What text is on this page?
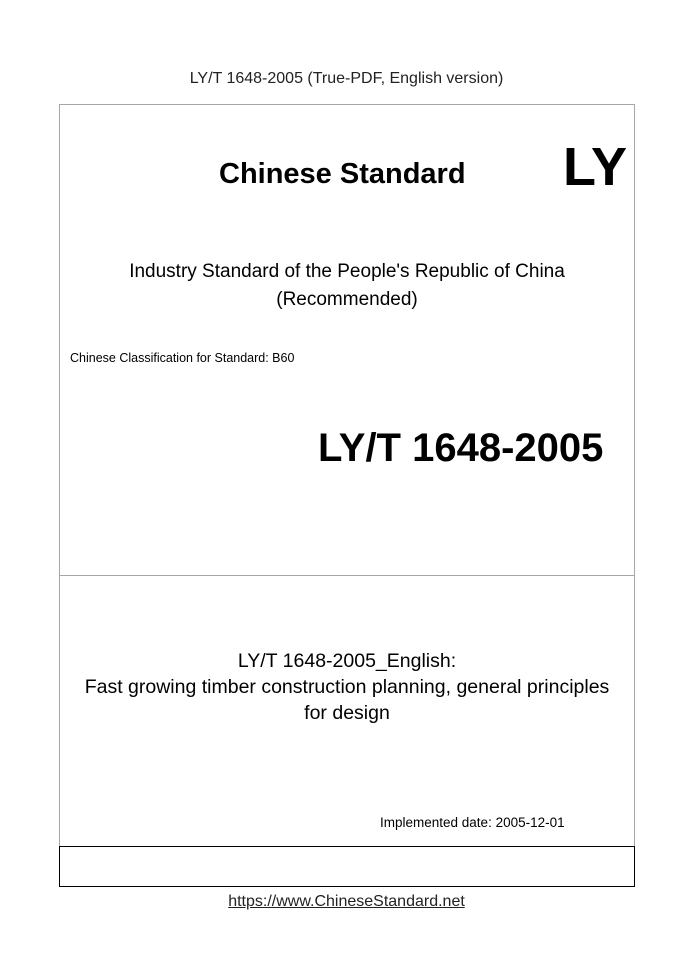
LY/T 1648-2005 (True-PDF, English version)
Chinese Standard LY
Industry Standard of the People's Republic of China
(Recommended)
Chinese Classification for Standard: B60
LY/T 1648-2005
LY/T 1648-2005_English:
Fast growing timber construction planning, general principles
for design
Implemented date: 2005-12-01
https://www.ChineseStandard.net
